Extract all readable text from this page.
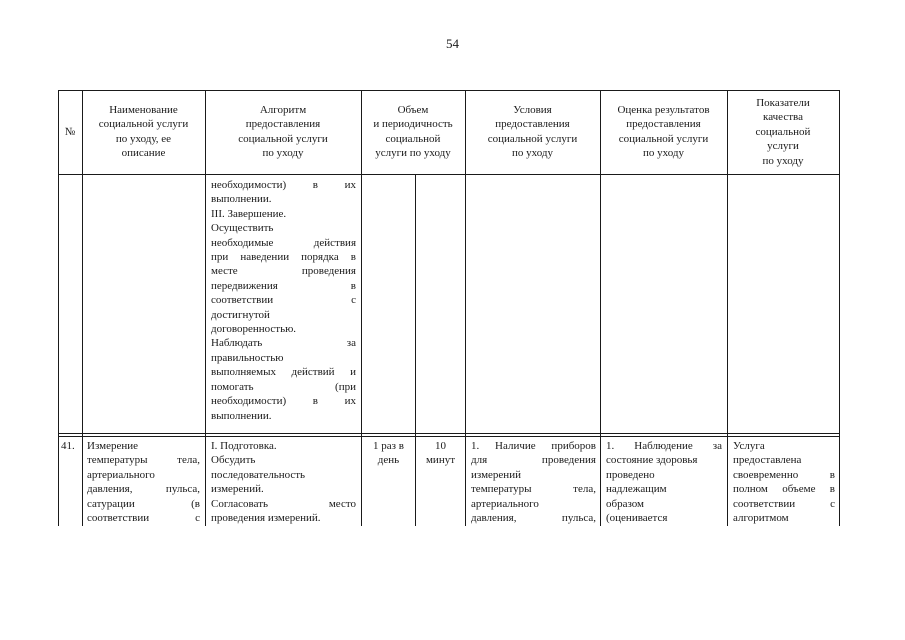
54
№
Наименование
социальной услуги
по уходу, ее
описание
Алгоритм
предоставления
социальной услуги
по уходу
Объем
и периодичность
социальной
услуги по уходу
Условия
предоставления
социальной услуги
по уходу
Оценка результатов
предоставления
социальной услуги
по уходу
Показатели
качества
социальной
услуги
по уходу
необходимости) в их
выполнении.
III. Завершение.
Осуществить
необходимые действия
при наведении порядка в
месте проведения
передвижения в
соответствии с
достигнутой
договоренностью.
Наблюдать за
правильностью
выполняемых действий и
помогать (при
необходимости) в их
выполнении.
41.	Измерение
температуры тела,
артериального
давления, пульса,
сатурации (в
соответствии с
I. Подготовка.
Обсудить
последовательность
измерений.
Согласовать место
проведения измерений.
1 раз в
день
10
минут
1. Наличие приборов
для проведения
измерений
температуры тела,
артериального
давления, пульса,
1. Наблюдение за
состояние здоровья
проведено
надлежащим
образом
(оценивается
Услуга
предоставлена
своевременно в
полном объеме в
соответствии с
алгоритмом
